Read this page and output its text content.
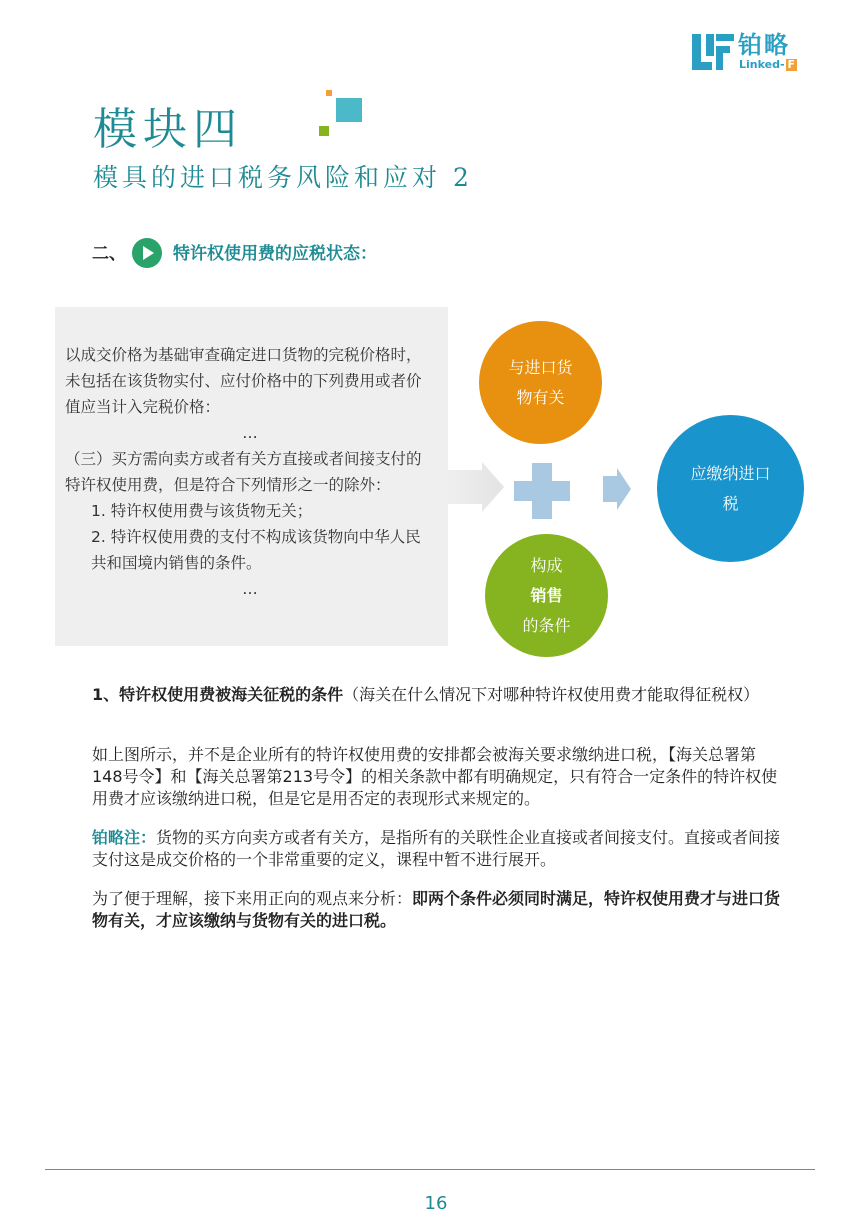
铂略
Linked- F
模块四
模具的进口税务风险和应对 2
二、	特许权使用费的应税状态：

以成交价格为基础审查确定进口货物的完税价格时，未包括在该货物实付、应付价格中的下列费用或者价值应当计入完税价格：

…

（三）买方需向卖方或者有关方直接或者间接支付的特许权使用费，但是符合下列情形之一的除外：

1. 特许权使用费与该货物无关；

2. 特许权使用费的支付不构成该货物向中华人民共和国境内销售的条件。

…

与进口货
物有关
构成
销售
的条件
应缴纳进口
税
1、特许权使用费被海关征税的条件（海关在什么情况下对哪种特许权使用费才能取得征税权）
如上图所示，并不是企业所有的特许权使用费的安排都会被海关要求缴纳进口税，【海关总署第148号令】和【海关总署第213号令】的相关条款中都有明确规定，只有符合一定条件的特许权使用费才应该缴纳进口税，但是它是用否定的表现形式来规定的。
铂略注：货物的买方向卖方或者有关方，是指所有的关联性企业直接或者间接支付。直接或者间接支付这是成交价格的一个非常重要的定义，课程中暂不进行展开。
为了便于理解，接下来用正向的观点来分析：即两个条件必须同时满足，特许权使用费才与进口货物有关，才应该缴纳与货物有关的进口税。
16
